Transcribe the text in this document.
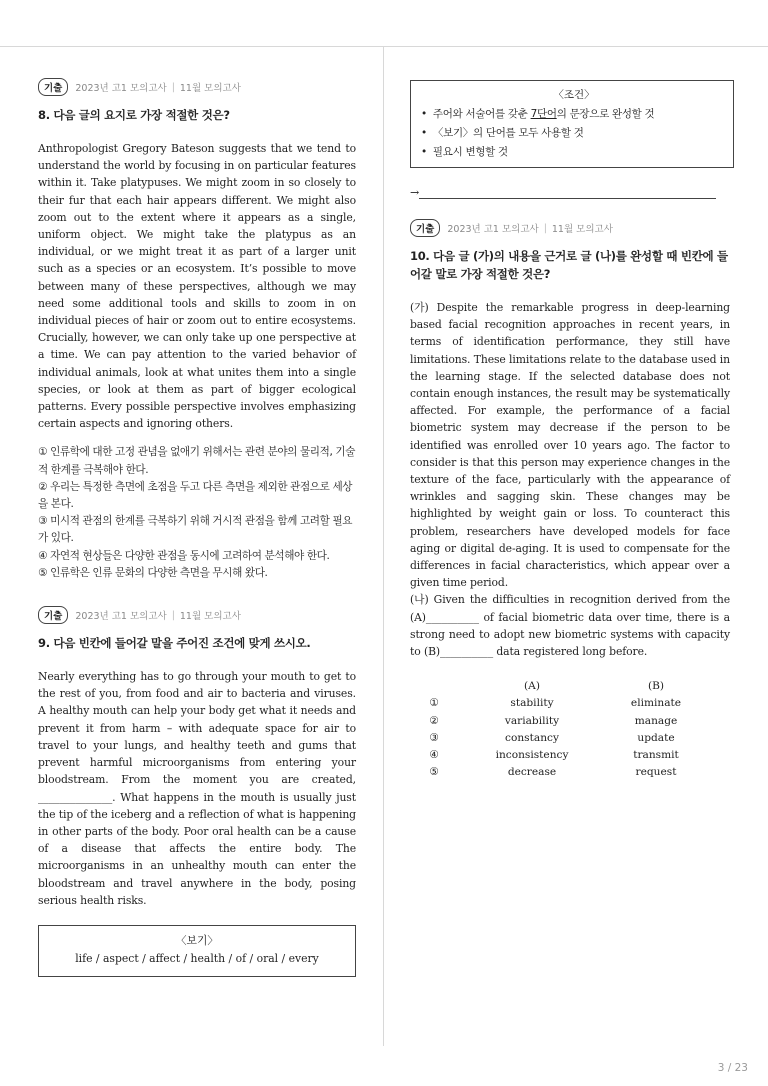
기출	2023년 고1 모의고사 | 11월 모의고사
8. 다음 글의 요지로 가장 적절한 것은?

Anthropologist Gregory Bateson suggests that we tend to understand the world by focusing in on particular features within it. Take platypuses. We might zoom in so closely to their fur that each hair appears different. We might also zoom out to the extent where it appears as a single, uniform object. We might take the platypus as an individual, or we might treat it as part of a larger unit such as a species or an ecosystem. It’s possible to move between many of these perspectives, although we may need some additional tools and skills to zoom in on individual pieces of hair or zoom out to entire ecosystems. Crucially, however, we can only take up one perspective at a time. We can pay attention to the varied behavior of individual animals, look at what unites them into a single species, or look at them as part of bigger ecological patterns. Every possible perspective involves emphasizing certain aspects and ignoring others.

① 인류학에 대한 고정 관념을 없애기 위해서는 관련 분야의 물리적, 기술적 한계를 극복해야 한다.

② 우리는 특정한 측면에 초점을 두고 다른 측면을 제외한 관점으로 세상을 본다.

③ 미시적 관점의 한계를 극복하기 위해 거시적 관점을 함께 고려할 필요가 있다.

④ 자연적 현상들은 다양한 관점을 동시에 고려하여 분석해야 한다.

⑤ 인류학은 인류 문화의 다양한 측면을 무시해 왔다.

기출	2023년 고1 모의고사 | 11월 모의고사
9. 다음 빈칸에 들어갈 말을 주어진 조건에 맞게 쓰시오.

Nearly everything has to go through your mouth to get to the rest of you, from food and air to bacteria and viruses. A healthy mouth can help your body get what it needs and prevent it from harm – with adequate space for air to travel to your lungs, and healthy teeth and gums that prevent harmful microorganisms from entering your bloodstream. From the moment you are created, ______________. What happens in the mouth is usually just the tip of the iceberg and a reflection of what is happening in other parts of the body. Poor oral health can be a cause of a disease that affects the entire body. The microorganisms in an unhealthy mouth can enter the bloodstream and travel anywhere in the body, posing serious health risks.

〈보기〉
life / aspect / affect / health / of / oral / every
〈조건〉
• 주어와 서술어를 갖춘 7단어의 문장으로 완성할 것
• 〈보기〉의 단어를 모두 사용할 것
• 필요시 변형할 것
→
기출	2023년 고1 모의고사 | 11월 모의고사
10. 다음 글 (가)의 내용을 근거로 글 (나)를 완성할 때 빈칸에 들어갈 말로 가장 적절한 것은?

(가) Despite the remarkable progress in deep-learning based facial recognition approaches in recent years, in terms of identification performance, they still have limitations. These limitations relate to the database used in the learning stage. If the selected database does not contain enough instances, the result may be systematically affected. For example, the performance of a facial biometric system may decrease if the person to be identified was enrolled over 10 years ago. The factor to consider is that this person may experience changes in the texture of the face, particularly with the appearance of wrinkles and sagging skin. These changes may be highlighted by weight gain or loss. To counteract this problem, researchers have developed models for face aging or digital de-aging. It is used to compensate for the differences in facial characteristics, which appear over a given time period.

(나) Given the difficulties in recognition derived from the (A)__________ of facial biometric data over time, there is a strong need to adopt new biometric systems with capacity to (B)__________ data registered long before.

(A)	(B)
①	stability	eliminate
②	variability	manage
③	constancy	update
④	inconsistency	transmit
⑤	decrease	request
3 / 23
